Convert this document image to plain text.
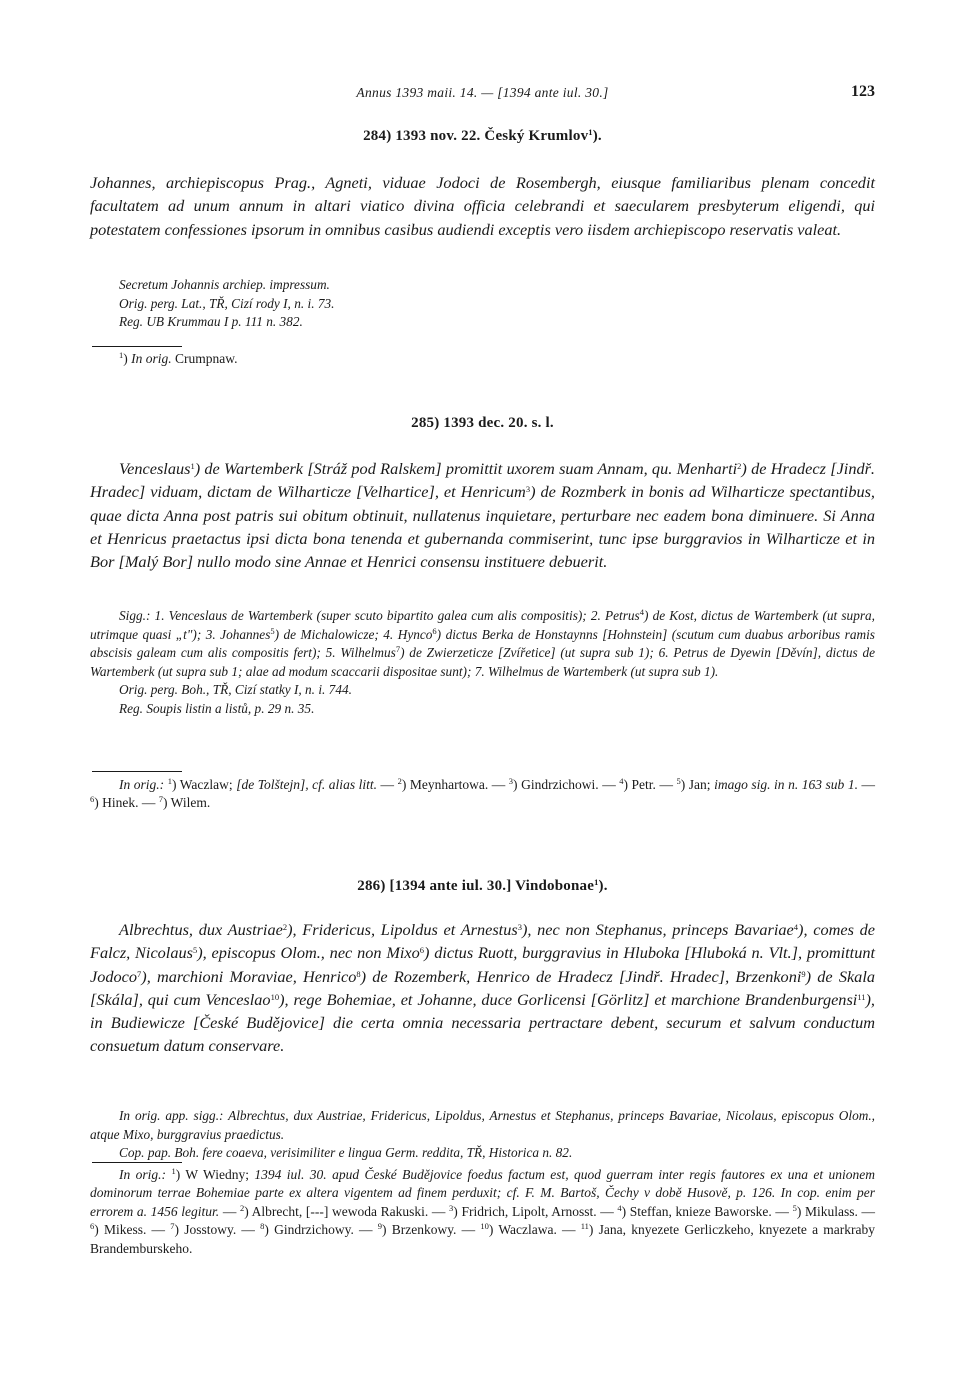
Annus 1393 maii. 14. — [1394 ante iul. 30.]	123
284) 1393 nov. 22. Český Krumlov$^1$).
Johannes, archiepiscopus Prag., Agneti, viduae Jodoci de Rosembergh, eiusque familiaribus plenam concedit facultatem ad unum annum in altari viatico divina officia celebrandi et saecularem presbyterum eligendi, qui potestatem confessiones ipsorum in omnibus casibus audiendi exceptis vero iisdem archiepiscopo reservatis valeat.
Secretum Johannis archiep. impressum.
Orig. perg. Lat., TŘ, Cizí rody I, n. i. 73.
Reg. UB Krummau I p. 111 n. 382.
$^1$) In orig. Crumpnaw.
285) 1393 dec. 20. s. l.
Venceslaus$^1$) de Wartemberk [Stráž pod Ralskem] promittit uxorem suam Annam, qu. Menharti$^2$) de Hradecz [Jindř. Hradec] viduam, dictam de Wilharticze [Velhartice], et Henricum$^3$) de Rozmberk in bonis ad Wilharticze spectantibus, quae dicta Anna post patris sui obitum obtinuit, nullatenus inquietare, perturbare nec eadem bona diminuere. Si Anna et Henricus praetactus ipsi dicta bona tenenda et gubernanda commiserint, tunc ipse burggravios in Wilharticze et in Bor [Malý Bor] nullo modo sine Annae et Henrici consensu instituere debuerit.
Sigg.: 1. Venceslaus de Wartemberk (super scuto bipartito galea cum alis compositis); 2. Petrus$^4$) de Kost, dictus de Wartemberk (ut supra, utrimque quasi „t"); 3. Johannes$^5$) de Michalowicze; 4. Hynco$^6$) dictus Berka de Honstaynns [Hohnstein] (scutum cum duabus arboribus ramis abscisis galeam cum alis compositis fert); 5. Wilhelmus$^7$) de Zwierzeticze [Zvířetice] (ut supra sub 1); 6. Petrus de Dyewin [Děvín], dictus de Wartemberk (ut supra sub 1; alae ad modum scaccarii dispositae sunt); 7. Wilhelmus de Wartemberk (ut supra sub 1).
Orig. perg. Boh., TŘ, Cizí statky I, n. i. 744.
Reg. Soupis listin a listů, p. 29 n. 35.
In orig.: $^1$) Waczlaw; [de Tolštejn], cf. alias litt. — $^2$) Meynhartowa. — $^3$) Gindrzichowi. — $^4$) Petr. — $^5$) Jan; imago sig. in n. 163 sub 1. — $^6$) Hinek. — $^7$) Wilem.
286) [1394 ante iul. 30.] Vindobonae$^1$).
Albrechtus, dux Austriae$^2$), Fridericus, Lipoldus et Arnestus$^3$), nec non Stephanus, princeps Bavariae$^4$), comes de Falcz, Nicolaus$^5$), episcopus Olom., nec non Mixo$^6$) dictus Ruott, burggravius in Hluboka [Hluboká n. Vlt.], promittunt Jodoco$^7$), marchioni Moraviae, Henrico$^8$) de Rozemberk, Henrico de Hradecz [Jindř. Hradec], Brzenkoni$^9$) de Skala [Skála], qui cum Venceslao$^{10}$), rege Bohemiae, et Johanne, duce Gorlicensi [Görlitz] et marchione Brandenburgensi$^{11}$), in Budiewicze [České Budějovice] die certa omnia necessaria pertractare debent, securum et salvum conductum consuetum datum conservare.
In orig. app. sigg.: Albrechtus, dux Austriae, Fridericus, Lipoldus, Arnestus et Stephanus, princeps Bavariae, Nicolaus, episcopus Olom., atque Mixo, burggravius praedictus.
Cop. pap. Boh. fere coaeva, verisimiliter e lingua Germ. reddita, TŘ, Historica n. 82.
In orig.: $^1$) W Wiedny; 1394 iul. 30. apud České Budějovice foedus factum est, quod guerram inter regis fautores ex una et unionem dominorum terrae Bohemiae parte ex altera vigentem ad finem perduxit; cf. F. M. Bartoš, Čechy v době Husově, p. 126. In cop. enim per errorem a. 1456 legitur. — $^2$) Albrecht, [---] wewoda Rakuski. — $^3$) Fridrich, Lipolt, Arnosst. — $^4$) Steffan, knieze Baworske. — $^5$) Mikulass. — $^6$) Mikess. — $^7$) Josstowy. — $^8$) Gindrzichowy. — $^9$) Brzenkowy. — $^{10}$) Waczlawa. — $^{11}$) Jana, knyezete Gerliczkeho, knyezete a markraby Brandemburskeho.
